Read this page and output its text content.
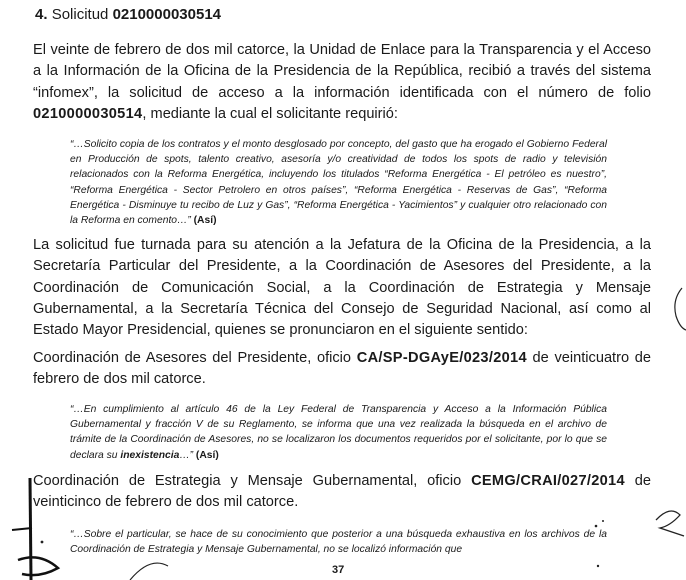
4. Solicitud 0210000030514

El veinte de febrero de dos mil catorce, la Unidad de Enlace para la Transparencia y el Acceso a la Información de la Oficina de la Presidencia de la República, recibió a través del sistema “infomex”, la solicitud de acceso a la información identificada con el número de folio 0210000030514, mediante la cual el solicitante requirió:

“…Solicito copia de los contratos y el monto desglosado por concepto, del gasto que ha erogado el Gobierno Federal en Producción de spots, talento creativo, asesoría y/o creatividad de todos los spots de radio y televisión relacionados con la Reforma Energética, incluyendo los titulados “Reforma Energética - El petróleo es nuestro”, “Reforma Energética - Sector Petrolero en otros países”, “Reforma Energética - Reservas de Gas”, “Reforma Energética - Disminuye tu recibo de Luz y Gas”, “Reforma Energética - Yacimientos” y cualquier otro relacionado con la Reforma en comento…” (Así)

La solicitud fue turnada para su atención a la Jefatura de la Oficina de la Presidencia, a la Secretaría Particular del Presidente, a la Coordinación de Asesores del Presidente, a la Coordinación de Comunicación Social, a la Coordinación de Estrategia y Mensaje Gubernamental, a la Secretaría Técnica del Consejo de Seguridad Nacional, así como al Estado Mayor Presidencial, quienes se pronunciaron en el siguiente sentido:

Coordinación de Asesores del Presidente, oficio CA/SP-DGAyE/023/2014 de veinticuatro de febrero de dos mil catorce.

“…En cumplimiento al artículo 46 de la Ley Federal de Transparencia y Acceso a la Información Pública Gubernamental y fracción V de su Reglamento, se informa que una vez realizada la búsqueda en el archivo de trámite de la Coordinación de Asesores, no se localizaron los documentos requeridos por el solicitante, por lo que se declara su inexistencia…” (Así)

Coordinación de Estrategia y Mensaje Gubernamental, oficio CEMG/CRAI/027/2014 de veinticinco de febrero de dos mil catorce.

“…Sobre el particular, se hace de su conocimiento que posterior a una búsqueda exhaustiva en los archivos de la Coordinación de Estrategia y Mensaje Gubernamental, no se localizó información que

37
